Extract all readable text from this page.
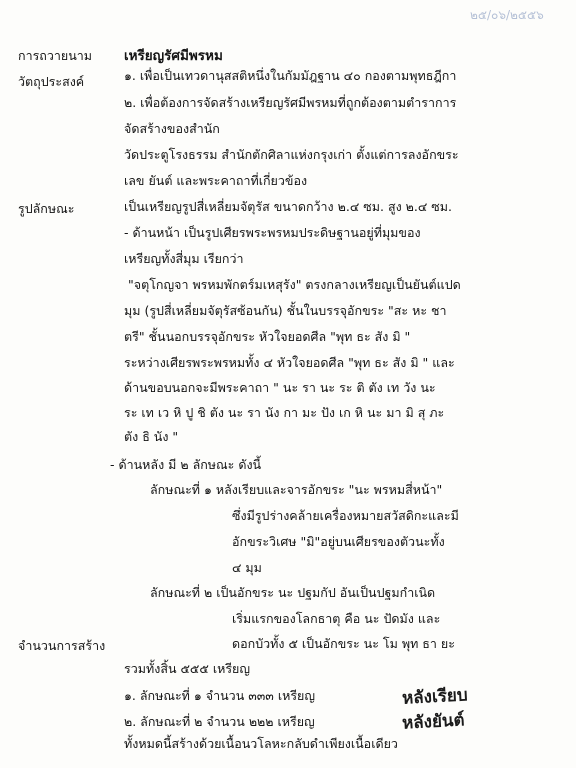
๒๕/๐๖/๒๕๕๖
การถวายนาม เหรียญรัศมีพรหม
วัตถุประสงค์	๑. เพื่อเป็นเทวดานุสสติหนึ่งในกัมมัฎฐาน ๔๐ กองตามพุทธฎีกา
๒. เพื่อต้องการจัดสร้างเหรียญรัศมีพรหมที่ถูกต้องตามตำราการ
จัดสร้างของสำนัก
วัดประตูโรงธรรม สำนักตักศิลาแห่งกรุงเก่า ตั้งแต่การลงอักขระ
เลข ยันต์ และพระคาถาที่เกี่ยวข้อง
รูปลักษณะ	เป็นเหรียญรูปสี่เหลี่ยมจัตุรัส ขนาดกว้าง ๒.๔ ซม. สูง ๒.๔ ซม.
- ด้านหน้า เป็นรูปเศียรพระพรหมประดิษฐานอยู่ที่มุมของ
เหรียญทั้งสี่มุม เรียกว่า
"จตุโกญจา พรหมพักตร์มเหสุรัง" ตรงกลางเหรียญเป็นยันต์แปด
มุม (รูปสี่เหลี่ยมจัตุรัสซ้อนกัน) ชั้นในบรรจุอักขระ "สะ หะ ชา
ตรี" ชั้นนอกบรรจุอักขระ หัวใจยอดศีล "พุท ธะ สัง มิ "
ระหว่างเศียรพระพรหมทั้ง ๔ หัวใจยอดศีล "พุท ธะ สัง มิ " และ
ด้านขอบนอกจะมีพระคาถา " นะ รา นะ ระ ติ ตัง เท วัง นะ
ระ เท เว หิ ปู ชิ ตัง นะ รา นัง กา มะ ปัง เก หิ นะ มา มิ สุ ภะ
ตัง ธิ นัง "
- ด้านหลัง มี ๒ ลักษณะ ดังนี้
ลักษณะที่ ๑ หลังเรียบและจารอักขระ "นะ พรหมสี่หน้า"
ซึ่งมีรูปร่างคล้ายเครื่องหมายสวัสดิกะและมี
อักขระวิเศษ "มิ"อยู่บนเศียรของตัวนะทั้ง
๔ มุม
ลักษณะที่ ๒ เป็นอักขระ นะ ปฐมกัป อันเป็นปฐมกำเนิด
เริ่มแรกของโลกธาตุ คือ นะ ปัดมัง และ
ดอกบัวทั้ง ๕ เป็นอักขระ นะ โม พุท ธา ยะ
จำนวนการสร้าง
รวมทั้งสิ้น ๕๕๕ เหรียญ
๑. ลักษณะที่ ๑ จำนวน ๓๓๓ เหรียญ	หลังเรียบ
๒. ลักษณะที่ ๒ จำนวน ๒๒๒ เหรียญ	หลังยันต์
ทั้งหมดนี้สร้างด้วยเนื้อนวโลหะกลับดำเพียงเนื้อเดียว
